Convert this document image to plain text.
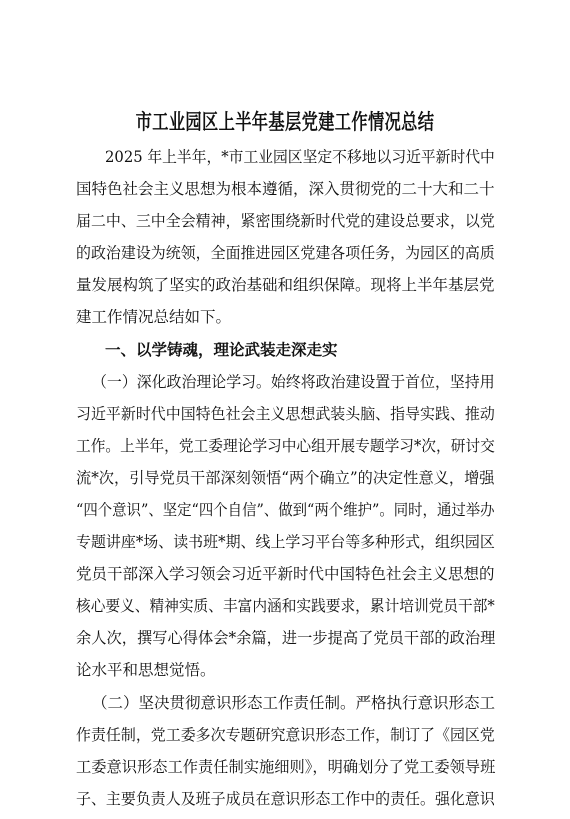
市工业园区上半年基层党建工作情况总结
2025 年上半年，*市工业园区坚定不移地以习近平新时代中
国特色社会主义思想为根本遵循，深入贯彻党的二十大和二十
届二中、三中全会精神，紧密围绕新时代党的建设总要求，以党
的政治建设为统领，全面推进园区党建各项任务，为园区的高质
量发展构筑了坚实的政治基础和组织保障。现将上半年基层党
建工作情况总结如下。
一、以学铸魂，理论武装走深走实
（一）深化政治理论学习。始终将政治建设置于首位，坚持用
习近平新时代中国特色社会主义思想武装头脑、指导实践、推动
工作。上半年，党工委理论学习中心组开展专题学习*次，研讨交
流*次，引导党员干部深刻领悟“两个确立”的决定性意义，增强
“四个意识”、坚定“四个自信”、做到“两个维护”。同时，通过举办
专题讲座*场、读书班*期、线上学习平台等多种形式，组织园区
党员干部深入学习领会习近平新时代中国特色社会主义思想的
核心要义、精神实质、丰富内涵和实践要求，累计培训党员干部*
余人次，撰写心得体会*余篇，进一步提高了党员干部的政治理
论水平和思想觉悟。
（二）坚决贯彻意识形态工作责任制。严格执行意识形态工
作责任制，党工委多次专题研究意识形态工作，制订了《园区党
工委意识形态工作责任制实施细则》，明确划分了党工委领导班
子、主要负责人及班子成员在意识形态工作中的责任。强化意识
